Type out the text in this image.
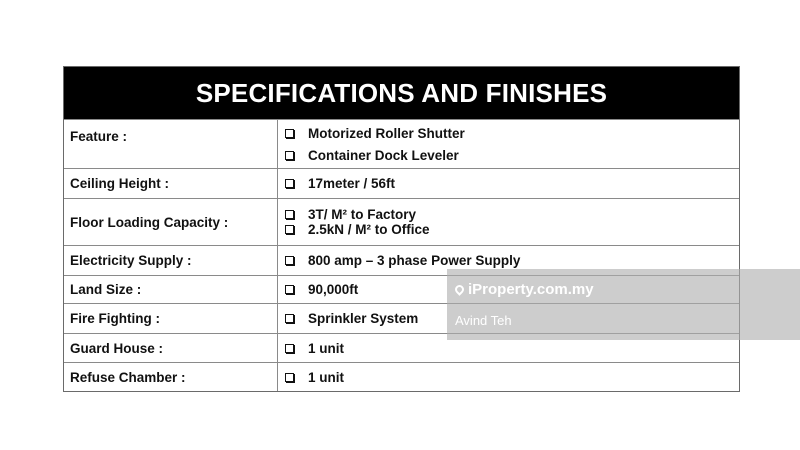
SPECIFICATIONS AND FINISHES
Feature :	Motorized Roller Shutter
Container Dock Leveler
Ceiling Height :	17meter / 56ft
Floor Loading Capacity :	3T/ M² to Factory
2.5kN / M² to Office
Electricity Supply :	800 amp – 3 phase Power Supply
Land Size :	90,000ft
Fire Fighting :	Sprinkler System
Guard House :	1 unit
Refuse Chamber :	1 unit
iProperty.com.my
Avind Teh
